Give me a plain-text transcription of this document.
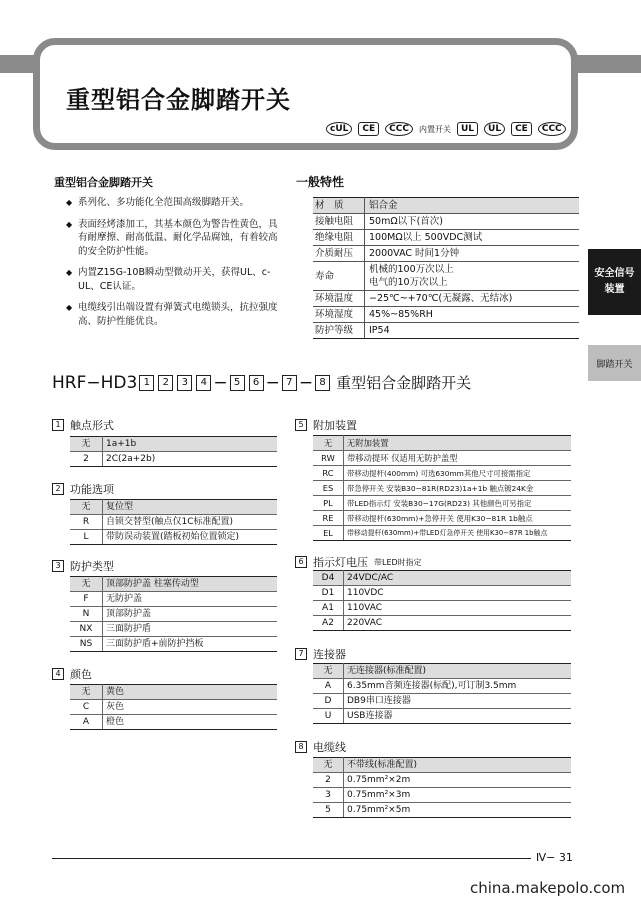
重型铝合金脚踏开关
cUL	CE	CCC	内置开关	UL	UL	CE	CCC
安全信号
装置
脚踏开关
重型铝合金脚踏开关
◆ 系列化、多功能化全范围高级脚踏开关。
◆ 表面经烤漆加工，其基本颜色为警告性黄色，具有耐摩擦、耐高低温、耐化学品腐蚀，有着较高的安全防护性能。
◆ 内置Z15G-10B瞬动型微动开关，获得UL、c-UL、CE认证。
◆ 电缆线引出端设置有弹簧式电缆锁头，抗拉强度高、防护性能优良。
一般特性
材　质	铝合金
接触电阻	50mΩ以下(首次)
绝缘电阻	100MΩ以上 500VDC测试
介质耐压	2000VAC 时间1分钟
寿命	机械的100万次以上
电气的10万次以上
环境温度	−25℃~+70℃(无凝露、无结冰)
环境湿度	45%~85%RH
防护等级	IP54
HRF−HD3 1	2	3	4 − 5	6 − 7 − 8 重型铝合金脚踏开关
1 触点形式
无	1a+1b
2	2C(2a+2b)
2 功能选项
无	复位型
R	自锁交替型(触点仅1C标准配置)
L	带防误动装置(踏板初始位置锁定)
3 防护类型
无	顶部防护盖 柱塞传动型
F	无防护盖
N	顶部防护盖
NX	三面防护盾
NS	三面防护盾+前防护挡板
4 颜色
无	黄色
C	灰色
A	橙色
5 附加装置
无	无附加装置
RW	带移动提环 仅适用无防护盖型
RC	带移动提杆(400mm) 可选630mm其他尺寸可接需指定
ES	带急停开关 安装B30−81R(RD23)1a+1b 触点镀24K金
PL	带LED指示灯 安装B30−17G(RD23) 其他颜色可另指定
RE	带移动提杆(630mm)+急停开关 使用K30−81R 1b触点
EL	带移动提杆(630mm)+带LED灯急停开关 使用K30−87R 1b触点
6 指示灯电压 带LED时指定
D4	24VDC/AC
D1	110VDC
A1	110VAC
A2	220VAC
7 连接器
无	无连接器(标准配置)
A	6.35mm音频连接器(标配),可订制3.5mm
D	DB9串口连接器
U	USB连接器
8 电缆线
无	不带线(标准配置)
2	0.75mm²×2m
3	0.75mm²×3m
5	0.75mm²×5m
Ⅳ− 31
china.makepolo.com
